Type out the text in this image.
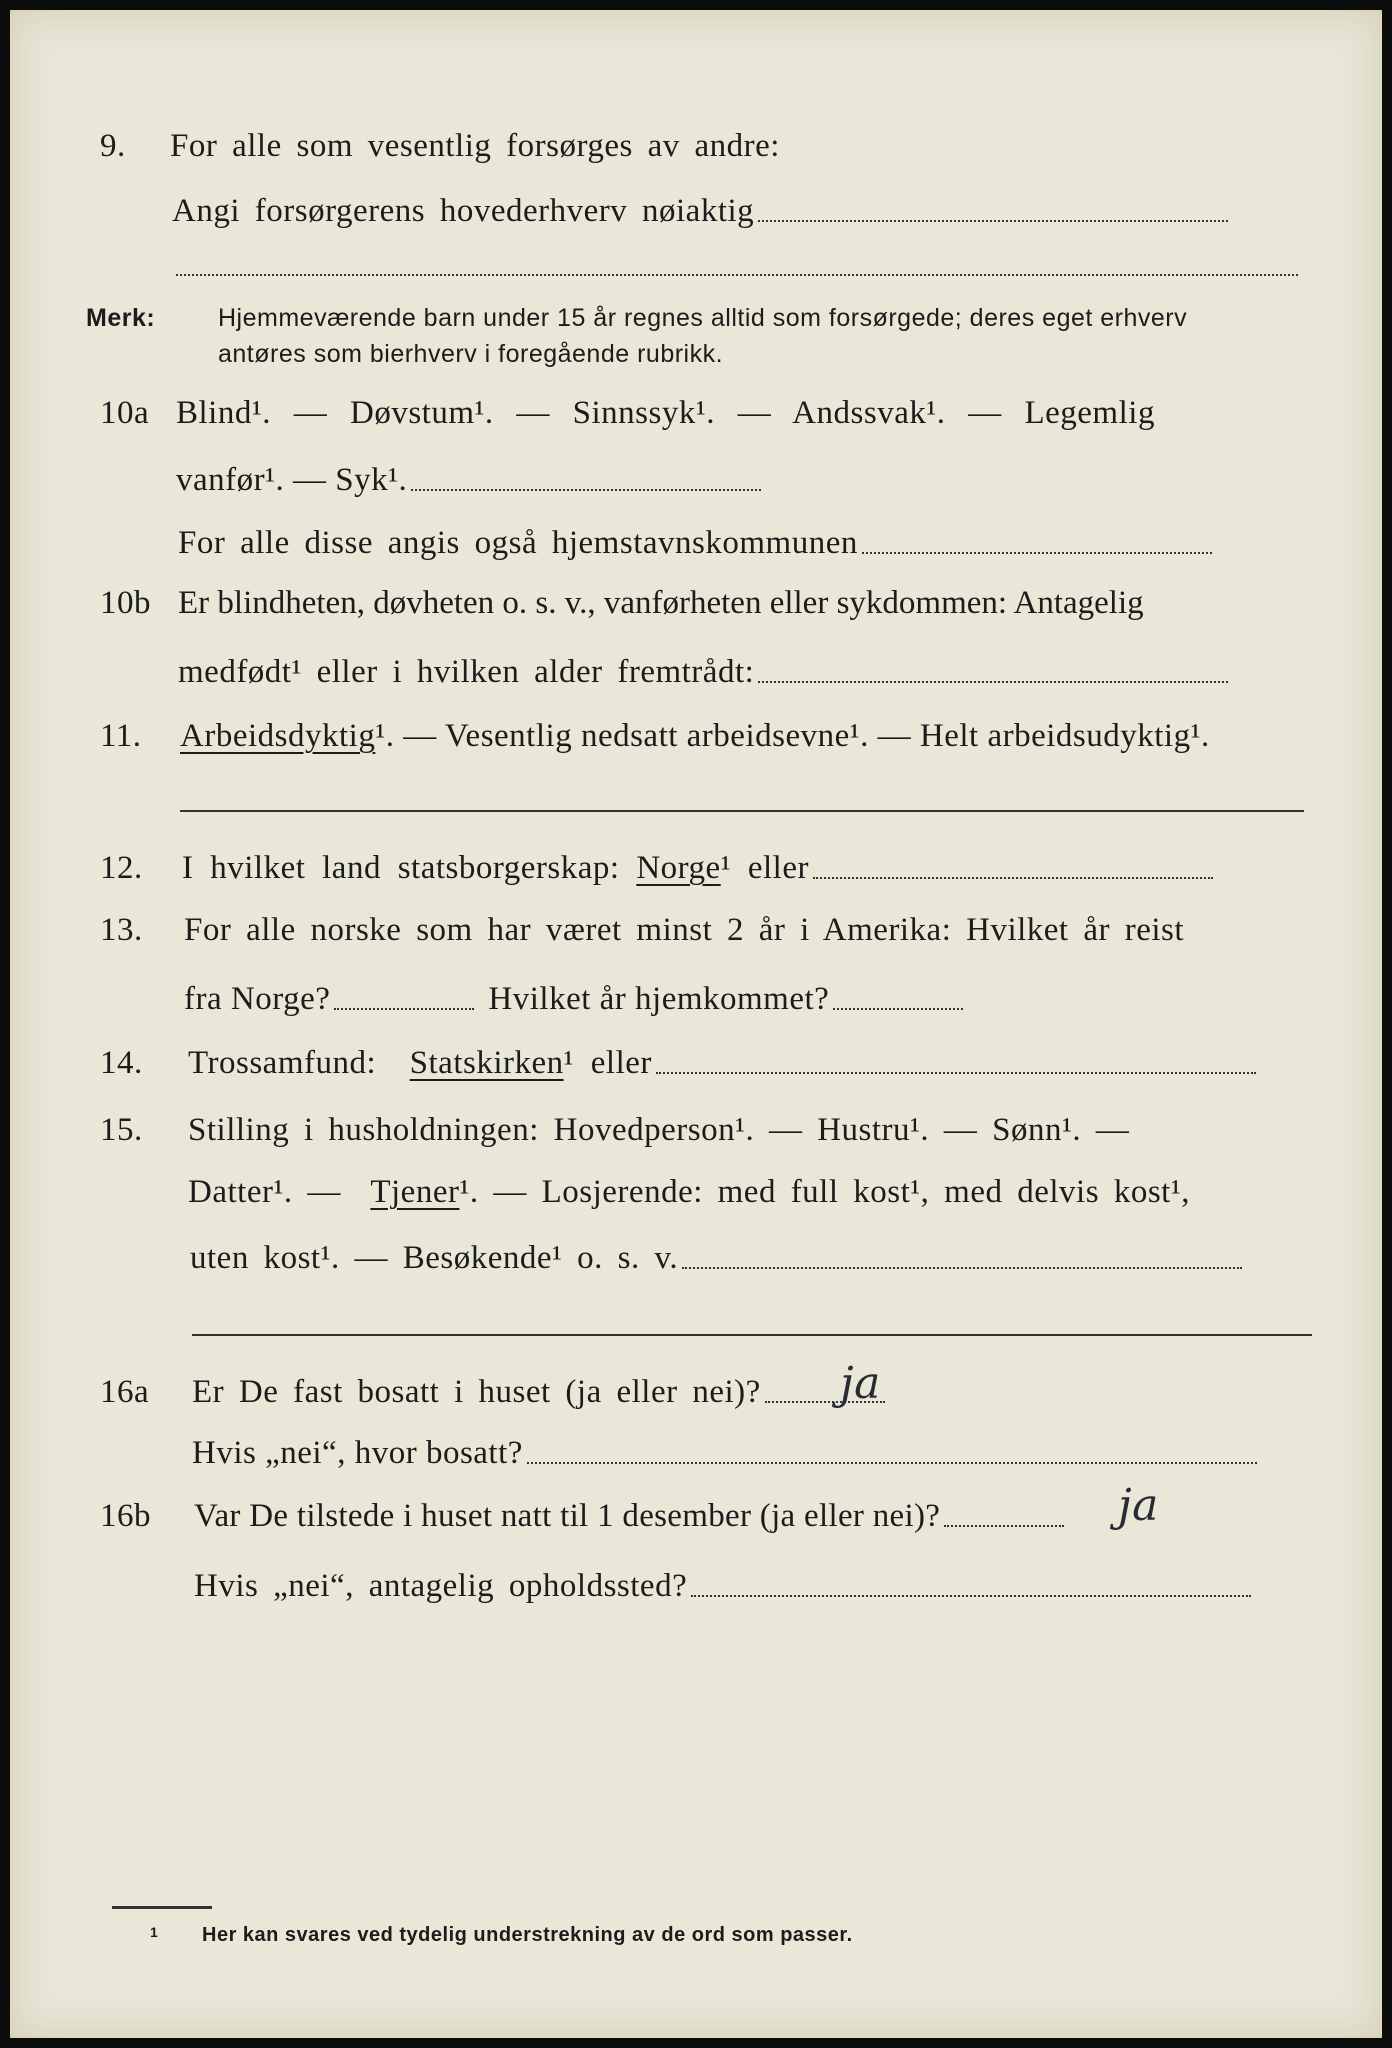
9.	For alle som vesentlig forsørges av andre:
Angi forsørgerens hovederhverv nøiaktig
Merk:	Hjemmeværende barn under 15 år regnes alltid som forsørgede; deres eget erhverv
antøres som bierhverv i foregående rubrikk.
10a Blind¹. — Døvstum¹. — Sinnssyk¹. — Andssvak¹. — Legemlig
vanfør¹. — Syk¹.
For alle disse angis også hjemstavnskommunen
10b Er blindheten, døvheten o. s. v., vanførheten eller sykdommen: Antagelig
medfødt¹ eller i hvilken alder fremtrådt:
11.	Arbeidsdyktig ¹. — Vesentlig nedsatt arbeidsevne¹. — Helt arbeidsudyktig¹.
12.	I hvilket land statsborgerskap:
Norge ¹ eller
13.	For alle norske som har været minst 2 år i Amerika: Hvilket år reist
fra Norge?	Hvilket år hjemkommet?
14.	Trossamfund:
Statskirken ¹ eller
15.	Stilling i husholdningen: Hovedperson¹. — Hustru¹. — Sønn¹. —
Datter¹. —
Tjener ¹. — Losjerende: med full kost¹, med delvis kost¹,
uten kost¹. — Besøkende¹ o. s. v.
16a	Er De fast bosatt i huset (ja eller nei)? ja
Hvis „nei“, hvor bosatt?
16b	Var De tilstede i huset natt til 1 desember (ja eller nei)?	ja
Hvis „nei“, antagelig opholdssted?
1 Her kan svares ved tydelig understrekning av de ord som passer.
